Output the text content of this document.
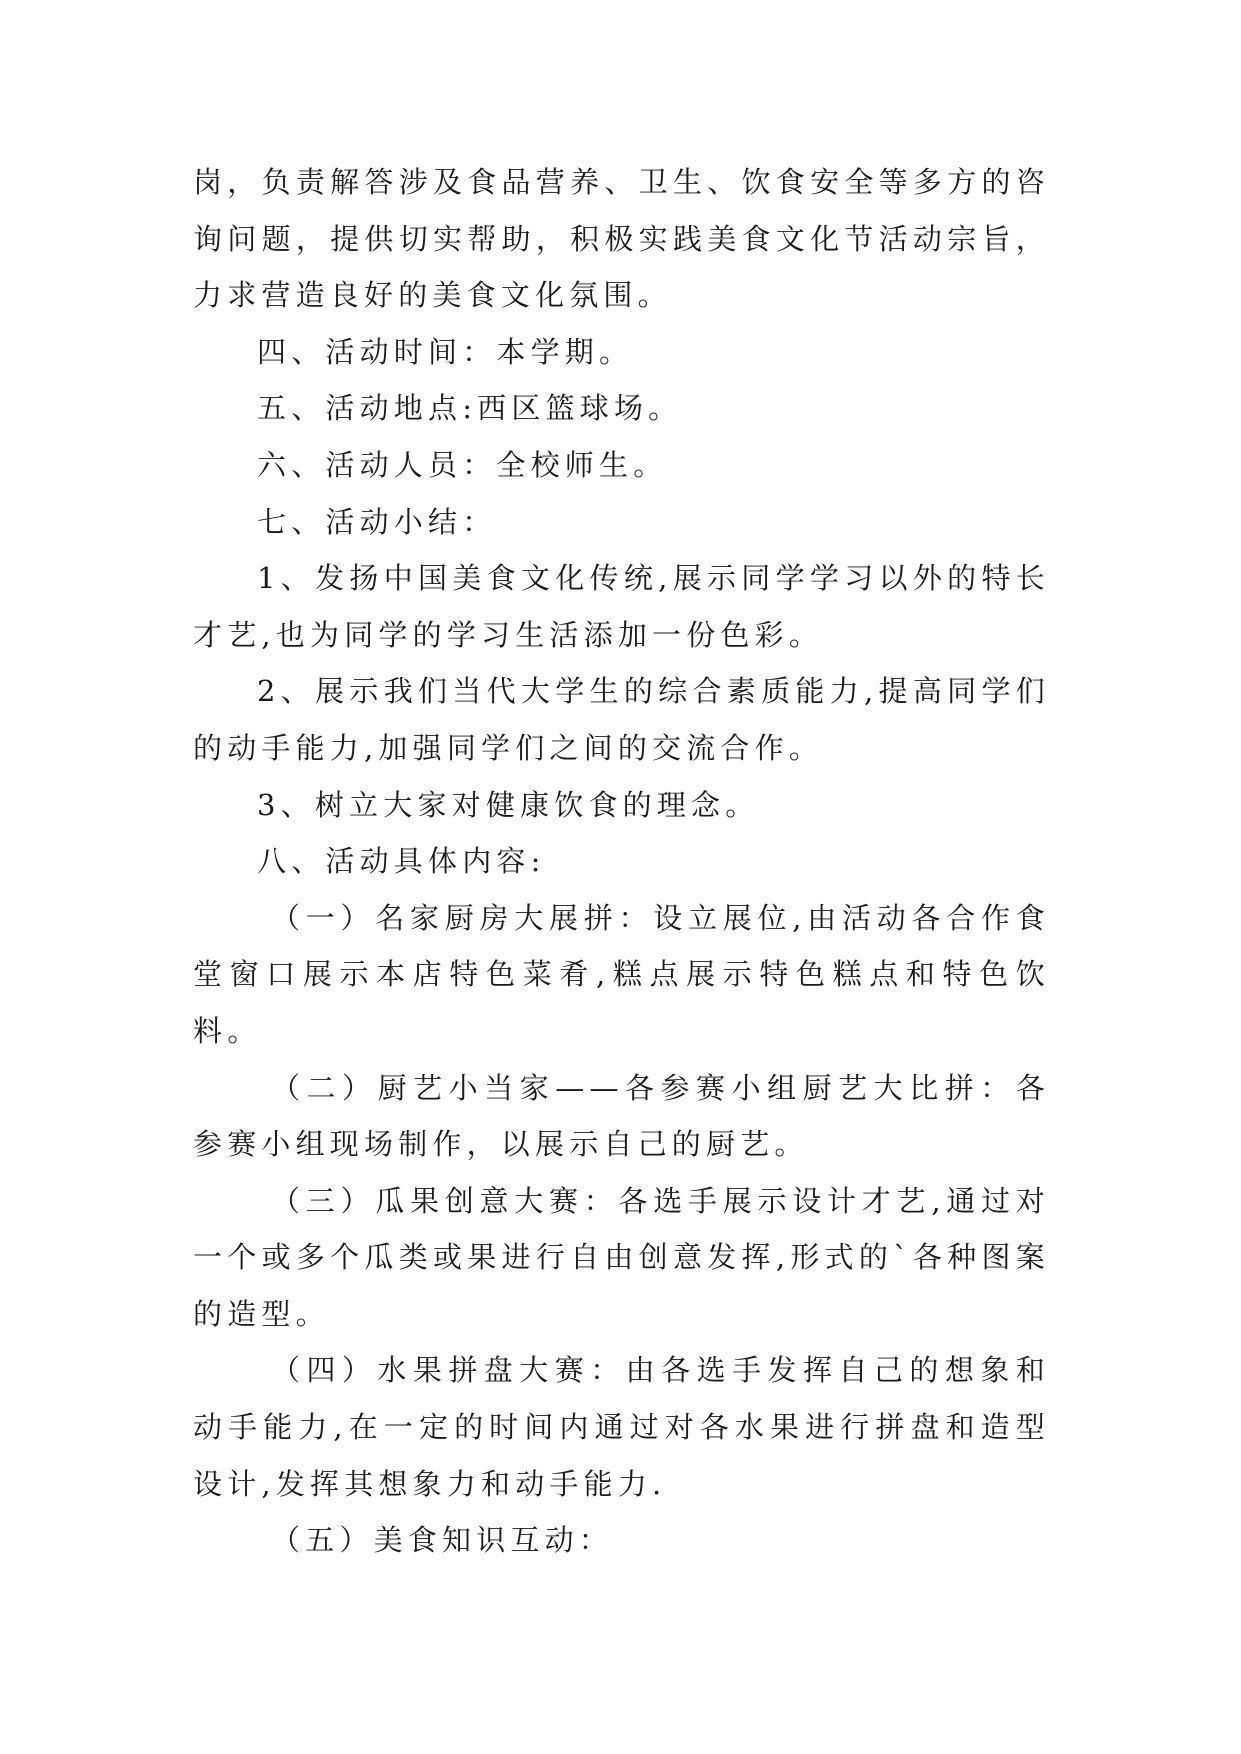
岗，负责解答涉及食品营养、卫生、饮食安全等多方的咨询问题，提供切实帮助，积极实践美食文化节活动宗旨，力求营造良好的美食文化氛围。

四、活动时间：本学期。

五、活动地点:西区篮球场。

六、活动人员：全校师生。

七、活动小结：

1、发扬中国美食文化传统,展示同学学习以外的特长才艺,也为同学的学习生活添加一份色彩。

2、展示我们当代大学生的综合素质能力,提高同学们的动手能力,加强同学们之间的交流合作。

3、树立大家对健康饮食的理念。

八、活动具体内容:

（一）名家厨房大展拼：设立展位,由活动各合作食堂窗口展示本店特色菜肴,糕点展示特色糕点和特色饮料。

（二）厨艺小当家——各参赛小组厨艺大比拼：各参赛小组现场制作，以展示自己的厨艺。

（三）瓜果创意大赛：各选手展示设计才艺,通过对一个或多个瓜类或果进行自由创意发挥,形式的`各种图案的造型。

（四）水果拼盘大赛：由各选手发挥自己的想象和动手能力,在一定的时间内通过对各水果进行拼盘和造型设计,发挥其想象力和动手能力.

（五）美食知识互动：
